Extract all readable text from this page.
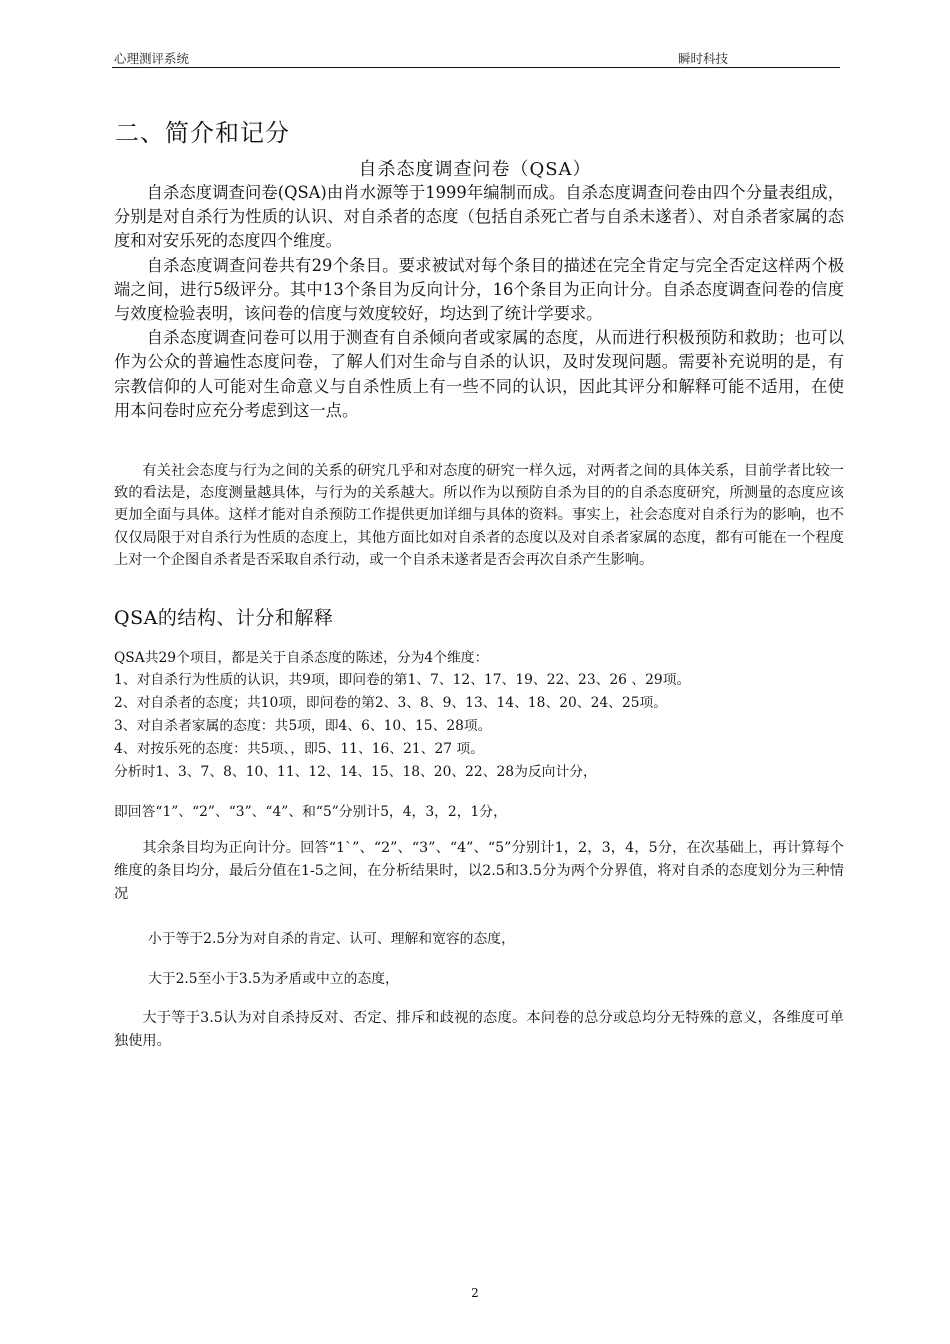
心理测评系统	瞬时科技
二、简介和记分
自杀态度调查问卷（QSA）

自杀态度调查问卷(QSA)由肖水源等于1999年编制而成。自杀态度调查问卷由四个分量表组成，分别是对自杀行为性质的认识、对自杀者的态度（包括自杀死亡者与自杀未遂者）、对自杀者家属的态度和对安乐死的态度四个维度。

自杀态度调查问卷共有29个条目。要求被试对每个条目的描述在完全肯定与完全否定这样两个极端之间，进行5级评分。其中13个条目为反向计分，16个条目为正向计分。自杀态度调查问卷的信度与效度检验表明，该问卷的信度与效度较好，均达到了统计学要求。

自杀态度调查问卷可以用于测查有自杀倾向者或家属的态度，从而进行积极预防和救助；也可以作为公众的普遍性态度问卷，了解人们对生命与自杀的认识，及时发现问题。需要补充说明的是，有宗教信仰的人可能对生命意义与自杀性质上有一些不同的认识，因此其评分和解释可能不适用，在使用本问卷时应充分考虑到这一点。

有关社会态度与行为之间的关系的研究几乎和对态度的研究一样久远，对两者之间的具体关系，目前学者比较一致的看法是，态度测量越具体，与行为的关系越大。所以作为以预防自杀为目的的自杀态度研究，所测量的态度应该更加全面与具体。这样才能对自杀预防工作提供更加详细与具体的资料。事实上，社会态度对自杀行为的影响，也不仅仅局限于对自杀行为性质的态度上，其他方面比如对自杀者的态度以及对自杀者家属的态度，都有可能在一个程度上对一个企图自杀者是否采取自杀行动，或一个自杀未遂者是否会再次自杀产生影响。
QSA的结构、计分和解释
QSA共29个项目，都是关于自杀态度的陈述，分为4个维度：
1、对自杀行为性质的认识，共9项，即问卷的第1、7、12、17、19、22、23、26 、29项。
2、对自杀者的态度；共10项，即问卷的第2、3、8、9、13、14、18、20、24、25项。
3、对自杀者家属的态度：共5项，即4、6、10、15、28项。
4、对按乐死的态度：共5项、，即5、11、16、21、27 项。
分析时1、3、7、8、10、11、12、14、15、18、20、22、28为反向计分，
即回答“1”、“2”、“3”、“4”、和“5”分别计5，4，3，2，1分，
其余条目均为正向计分。回答“1`”、“2”、“3”、“4”、“5”分别计1，2，3，4，5分，在次基础上，再计算每个维度的条目均分，最后分值在1-5之间，在分析结果时，以2.5和3.5分为两个分界值，将对自杀的态度划分为三种情况
小于等于2.5分为对自杀的肯定、认可、理解和宽容的态度，
大于2.5至小于3.5为矛盾或中立的态度，
大于等于3.5认为对自杀持反对、否定、排斥和歧视的态度。本问卷的总分或总均分无特殊的意义，各维度可单独使用。
2
